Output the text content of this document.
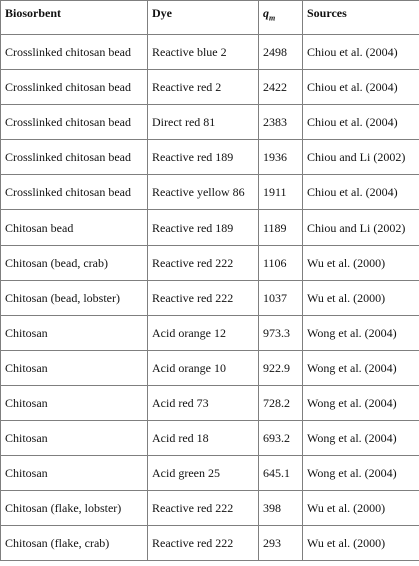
Biosorbent	Dye	$q_m$	Sources
Crosslinked chitosan bead	Reactive blue 2	2498	Chiou et al. (2004)
Crosslinked chitosan bead	Reactive red 2	2422	Chiou et al. (2004)
Crosslinked chitosan bead	Direct red 81	2383	Chiou et al. (2004)
Crosslinked chitosan bead	Reactive red 189	1936	Chiou and Li (2002)
Crosslinked chitosan bead	Reactive yellow 86	1911	Chiou et al. (2004)
Chitosan bead	Reactive red 189	1189	Chiou and Li (2002)
Chitosan (bead, crab)	Reactive red 222	1106	Wu et al. (2000)
Chitosan (bead, lobster)	Reactive red 222	1037	Wu et al. (2000)
Chitosan	Acid orange 12	973.3	Wong et al. (2004)
Chitosan	Acid orange 10	922.9	Wong et al. (2004)
Chitosan	Acid red 73	728.2	Wong et al. (2004)
Chitosan	Acid red 18	693.2	Wong et al. (2004)
Chitosan	Acid green 25	645.1	Wong et al. (2004)
Chitosan (flake, lobster)	Reactive red 222	398	Wu et al. (2000)
Chitosan (flake, crab)	Reactive red 222	293	Wu et al. (2000)
